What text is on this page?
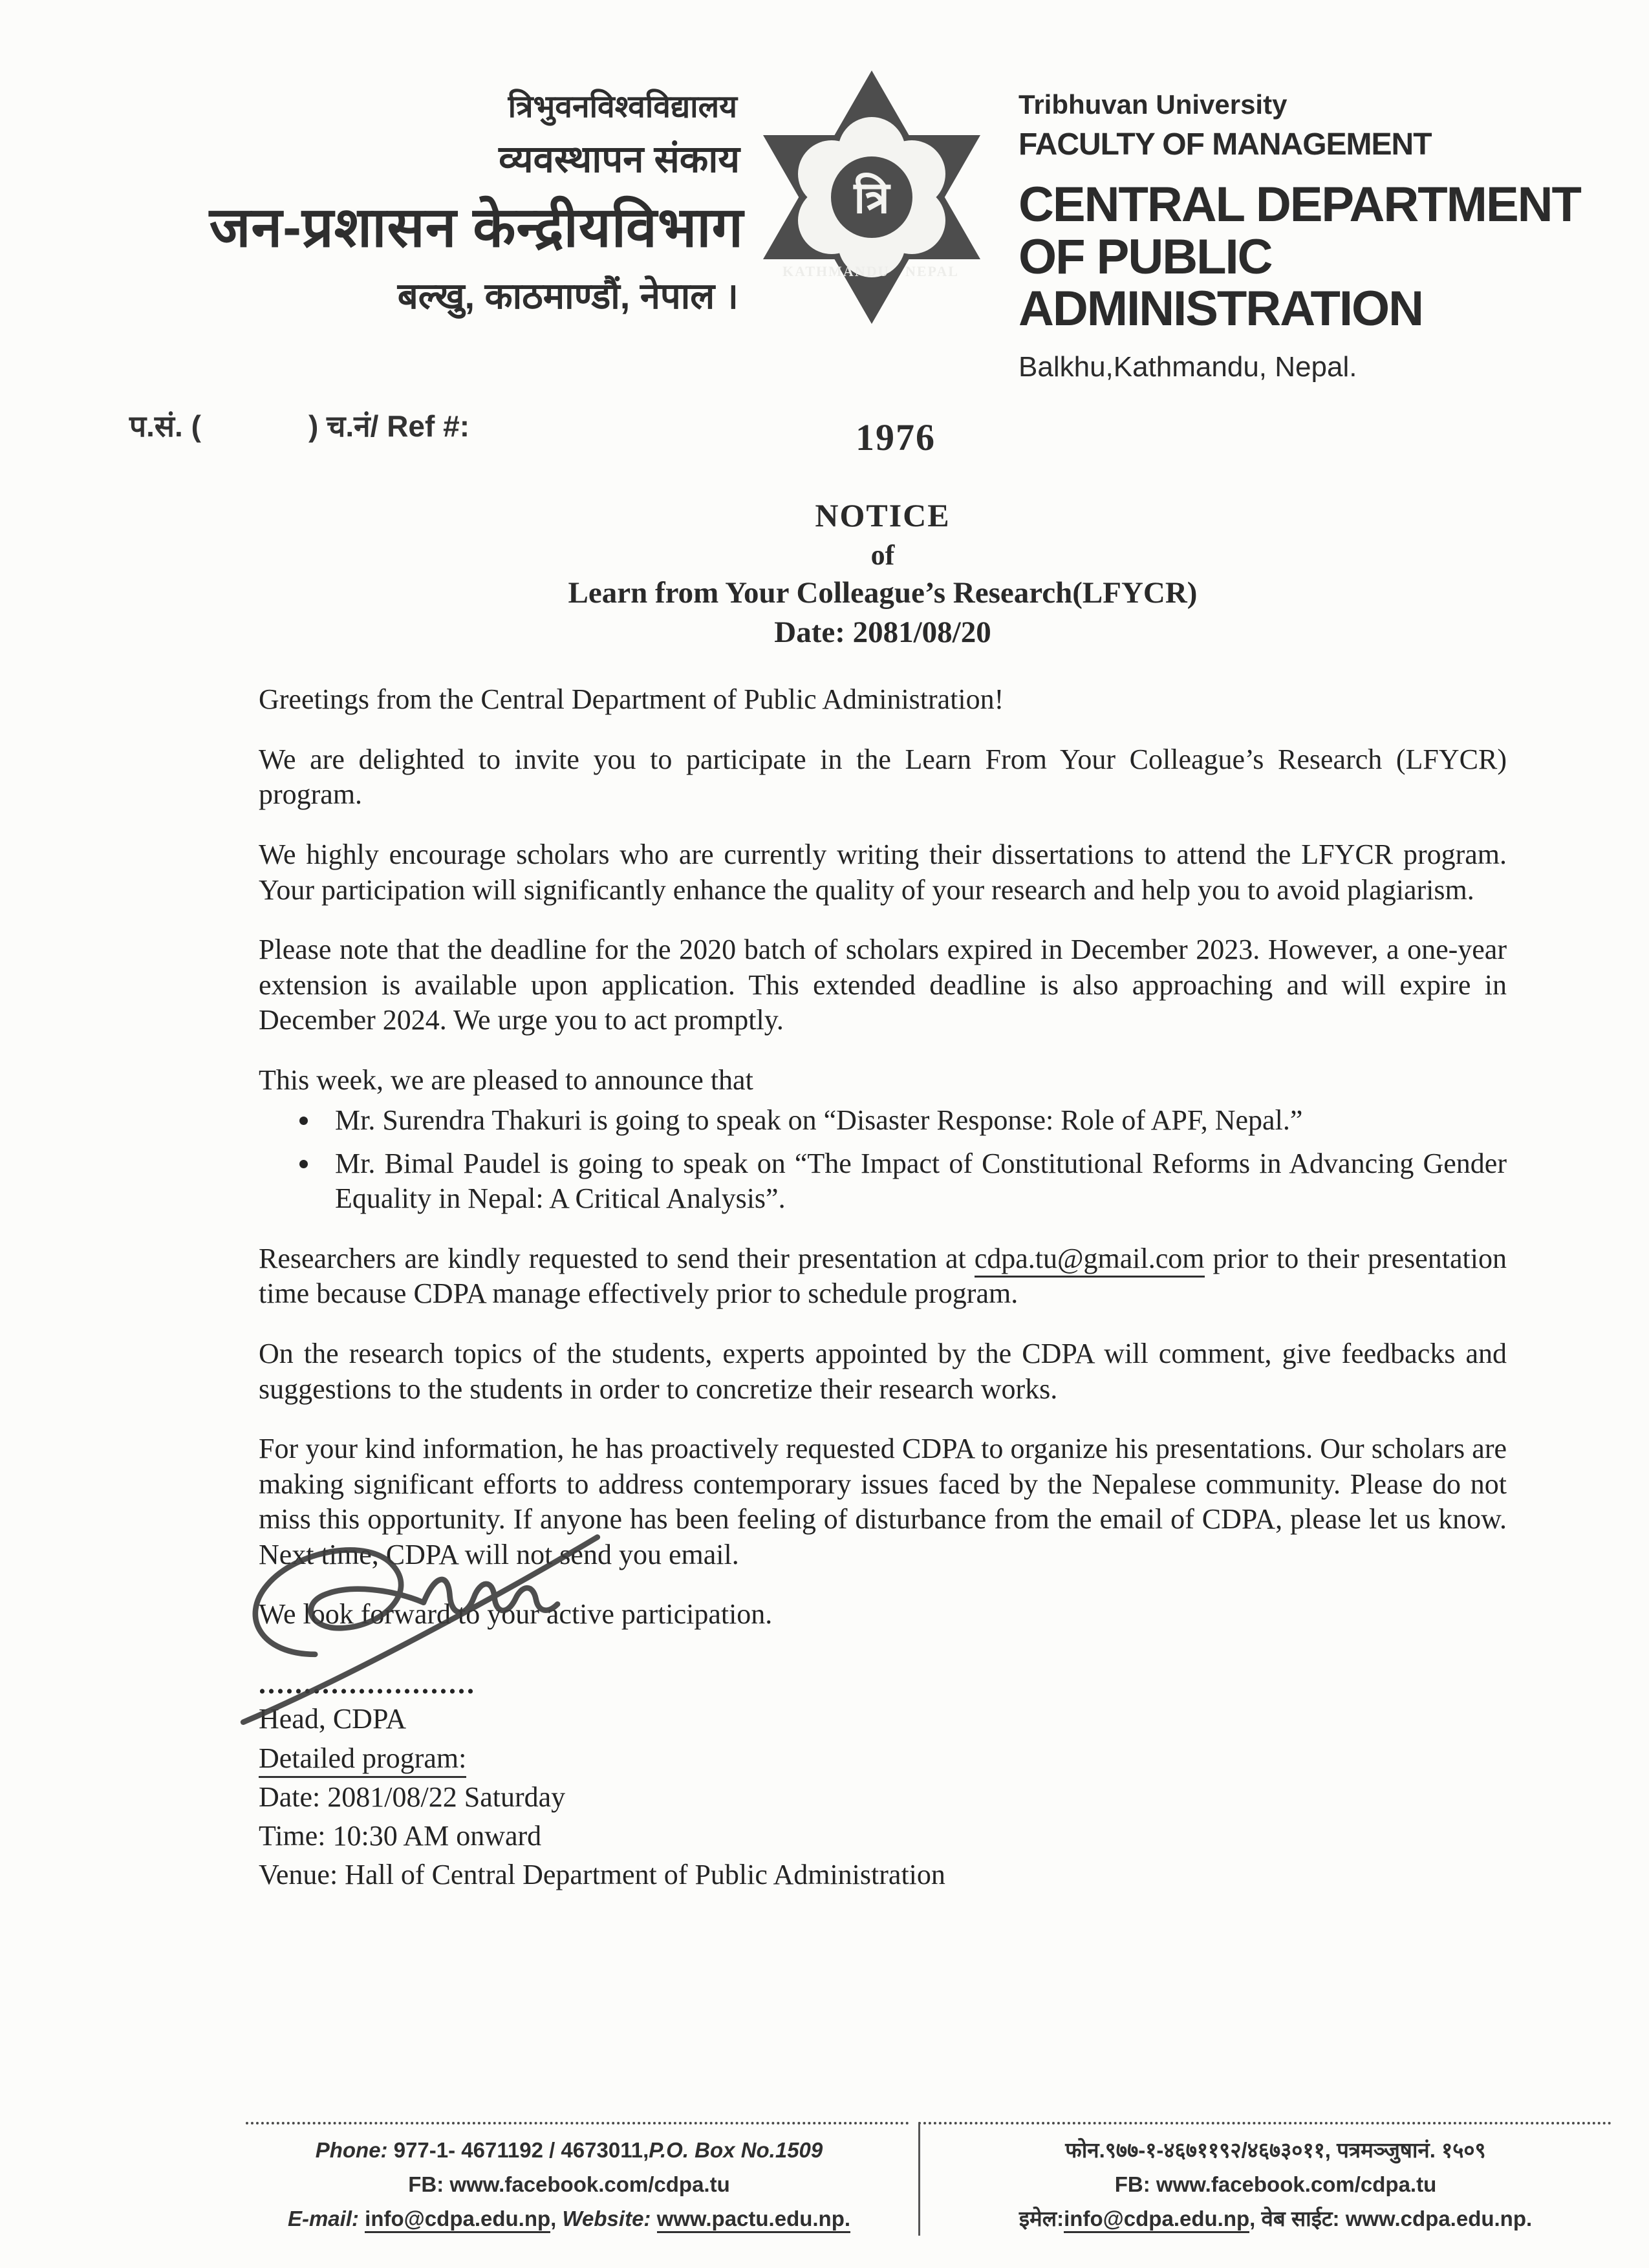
त्रिभुवनविश्वविद्यालय
व्यवस्थापन संकाय
जन-प्रशासन केन्द्रीयविभाग
बल्खु, काठमाण्डौं, नेपाल ।
त्रि
KATHMANDU NEPAL
Tribhuvan University
FACULTY OF MANAGEMENT
CENTRAL DEPARTMENT OF PUBLIC ADMINISTRATION
Balkhu,Kathmandu, Nepal.
प.सं. (             ) च.नं/ Ref #:	1976
NOTICE
of
Learn from Your Colleague’s Research(LFYCR)
Date: 2081/08/20

Greetings from the Central Department of Public Administration!

We are delighted to invite you to participate in the Learn From Your Colleague’s Research (LFYCR) program.

We highly encourage scholars who are currently writing their dissertations to attend the LFYCR program. Your participation will significantly enhance the quality of your research and help you to avoid plagiarism.

Please note that the deadline for the 2020 batch of scholars expired in December 2023. However, a one-year extension is available upon application. This extended deadline is also approaching and will expire in December 2024. We urge you to act promptly.

This week, we are pleased to announce that

• Mr. Surendra Thakuri is going to speak on “Disaster Response: Role of APF, Nepal.”
• Mr. Bimal Paudel is going to speak on “The Impact of Constitutional Reforms in Advancing Gender Equality in Nepal: A Critical Analysis”.

Researchers are kindly requested to send their presentation at cdpa.tu@gmail.com prior to their presentation time because CDPA manage effectively prior to schedule program.

On the research topics of the students, experts appointed by the CDPA will comment, give feedbacks and suggestions to the students in order to concretize their research works.

For your kind information, he has proactively requested CDPA to organize his presentations. Our scholars are making significant efforts to address contemporary issues faced by the Nepalese community. Please do not miss this opportunity. If anyone has been feeling of disturbance from the email of CDPA, please let us know. Next time, CDPA will not send you email.

We look forward to your active participation.

........................
Head, CDPA
Detailed program:
Date: 2081/08/22 Saturday
Time: 10:30 AM onward
Venue: Hall of Central Department of Public Administration
Phone: 977-1- 4671192 / 4673011,P.O. Box No.1509
FB: www.facebook.com/cdpa.tu
E-mail: info@cdpa.edu.np, Website: www.pactu.edu.np.
फोन.९७७-१-४६७११९२/४६७३०११, पत्रमञ्जुषानं. १५०९
FB: www.facebook.com/cdpa.tu
इमेल:info@cdpa.edu.np, वेब साईट: www.cdpa.edu.np.
